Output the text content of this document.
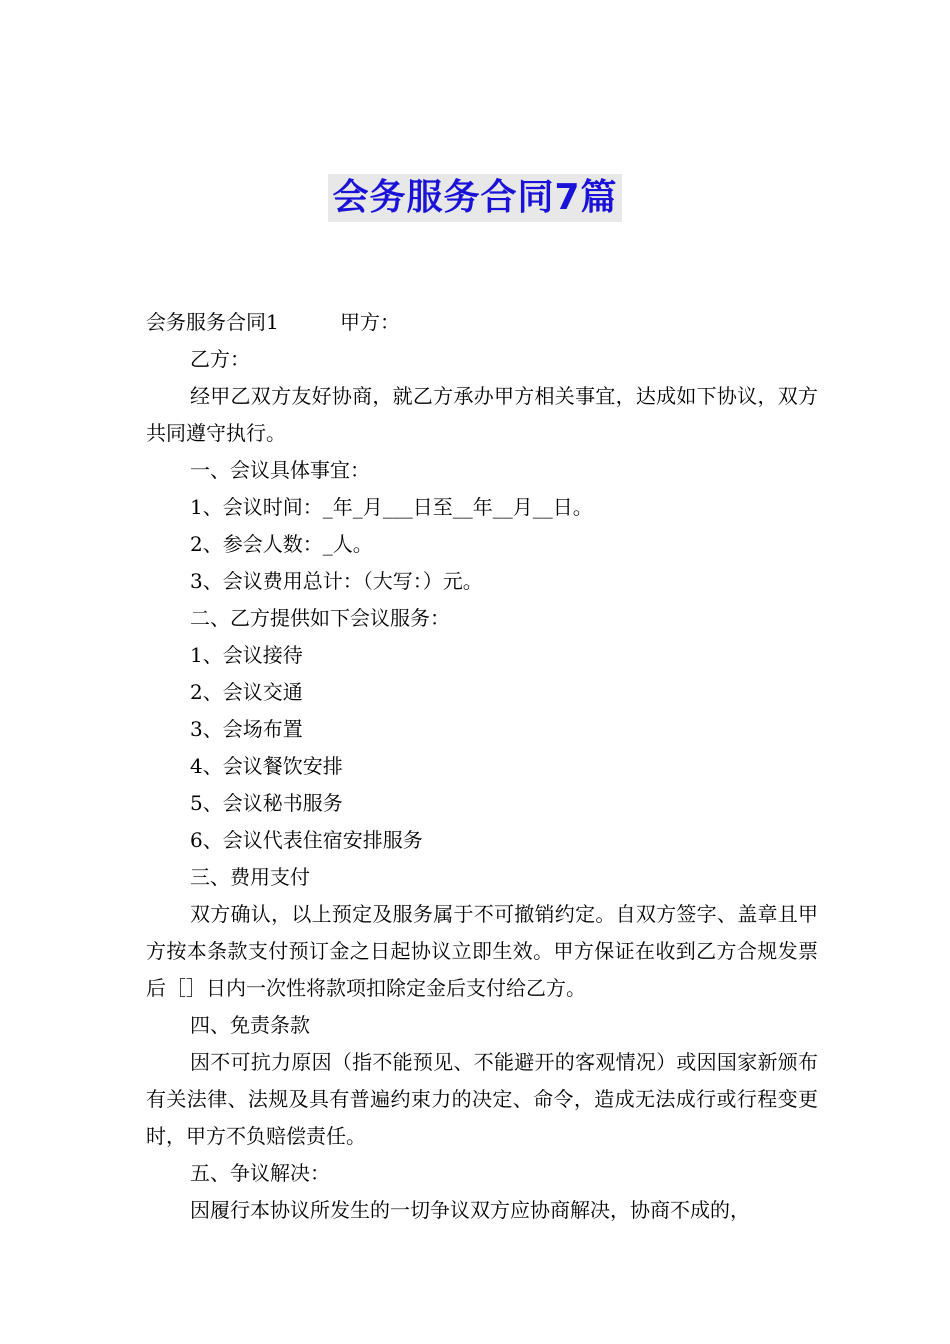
会务服务合同7篇
会务服务合同1	甲方：

乙方：

经甲乙双方友好协商，就乙方承办甲方相关事宜，达成如下协议，双方共同遵守执行。

一、会议具体事宜：

1、会议时间：_年_月___日至__年__月__日。

2、参会人数：_人。

3、会议费用总计：（大写：）元。

二、乙方提供如下会议服务：

1、会议接待

2、会议交通

3、会场布置

4、会议餐饮安排

5、会议秘书服务

6、会议代表住宿安排服务

三、费用支付

双方确认，以上预定及服务属于不可撤销约定。自双方签字、盖章且甲方按本条款支付预订金之日起协议立即生效。甲方保证在收到乙方合规发票后［］日内一次性将款项扣除定金后支付给乙方。

四、免责条款

因不可抗力原因（指不能预见、不能避开的客观情况）或因国家新颁布有关法律、法规及具有普遍约束力的决定、命令，造成无法成行或行程变更时，甲方不负赔偿责任。

五、争议解决：

因履行本协议所发生的一切争议双方应协商解决，协商不成的，
